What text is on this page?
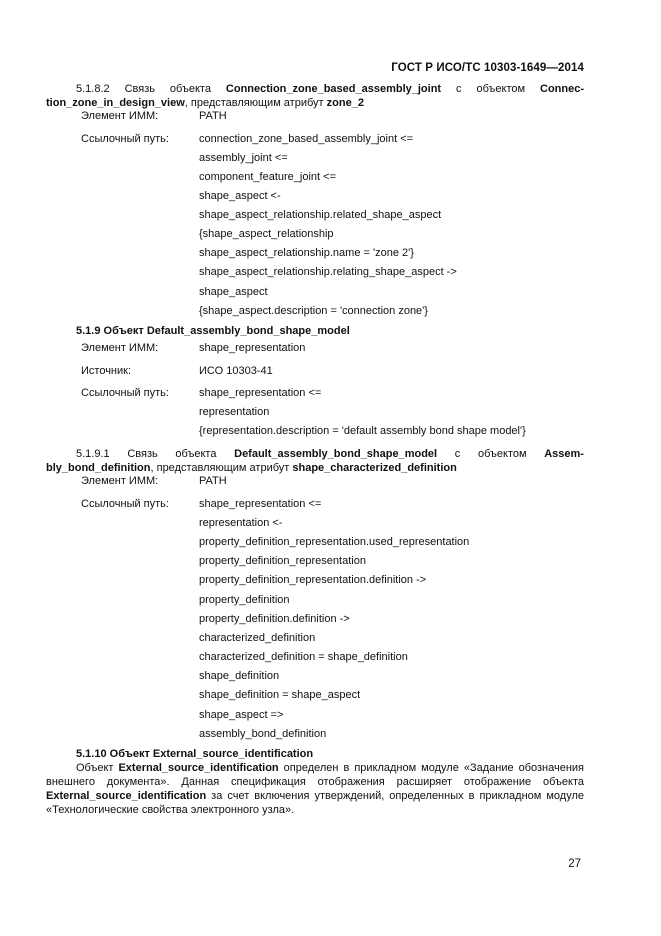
ГОСТ Р ИСО/ТС 10303-1649—2014
5.1.8.2 Связь объекта Connection_zone_based_assembly_joint с объектом Connec-
tion_zone_in_design_view, представляющим атрибут zone_2
Элемент ИММ:	PATH
Ссылочный путь:	connection_zone_based_assembly_joint <=
assembly_joint <=
component_feature_joint <=
shape_aspect <-
shape_aspect_relationship.related_shape_aspect
{shape_aspect_relationship
shape_aspect_relationship.name = 'zone 2'}
shape_aspect_relationship.relating_shape_aspect ->
shape_aspect
{shape_aspect.description = 'connection zone'}
5.1.9 Объект Default_assembly_bond_shape_model
Элемент ИММ:	shape_representation
Источник:	ИСО 10303-41
Ссылочный путь:	shape_representation <=
representation
{representation.description = 'default assembly bond shape model'}
5.1.9.1 Связь объекта Default_assembly_bond_shape_model с объектом Assem-
bly_bond_definition, представляющим атрибут shape_characterized_definition
Элемент ИММ:	PATH
Ссылочный путь:	shape_representation <=
representation <-
property_definition_representation.used_representation
property_definition_representation
property_definition_representation.definition ->
property_definition
property_definition.definition ->
characterized_definition
characterized_definition = shape_definition
shape_definition
shape_definition = shape_aspect
shape_aspect =>
assembly_bond_definition
5.1.10 Объект External_source_identification
Объект External_source_identification определен в прикладном модуле «Задание обозначения внешнего документа». Данная спецификация отображения расширяет отображение объекта External_source_identification за счет включения утверждений, определенных в прикладном модуле «Технологические свойства электронного узла».
27
